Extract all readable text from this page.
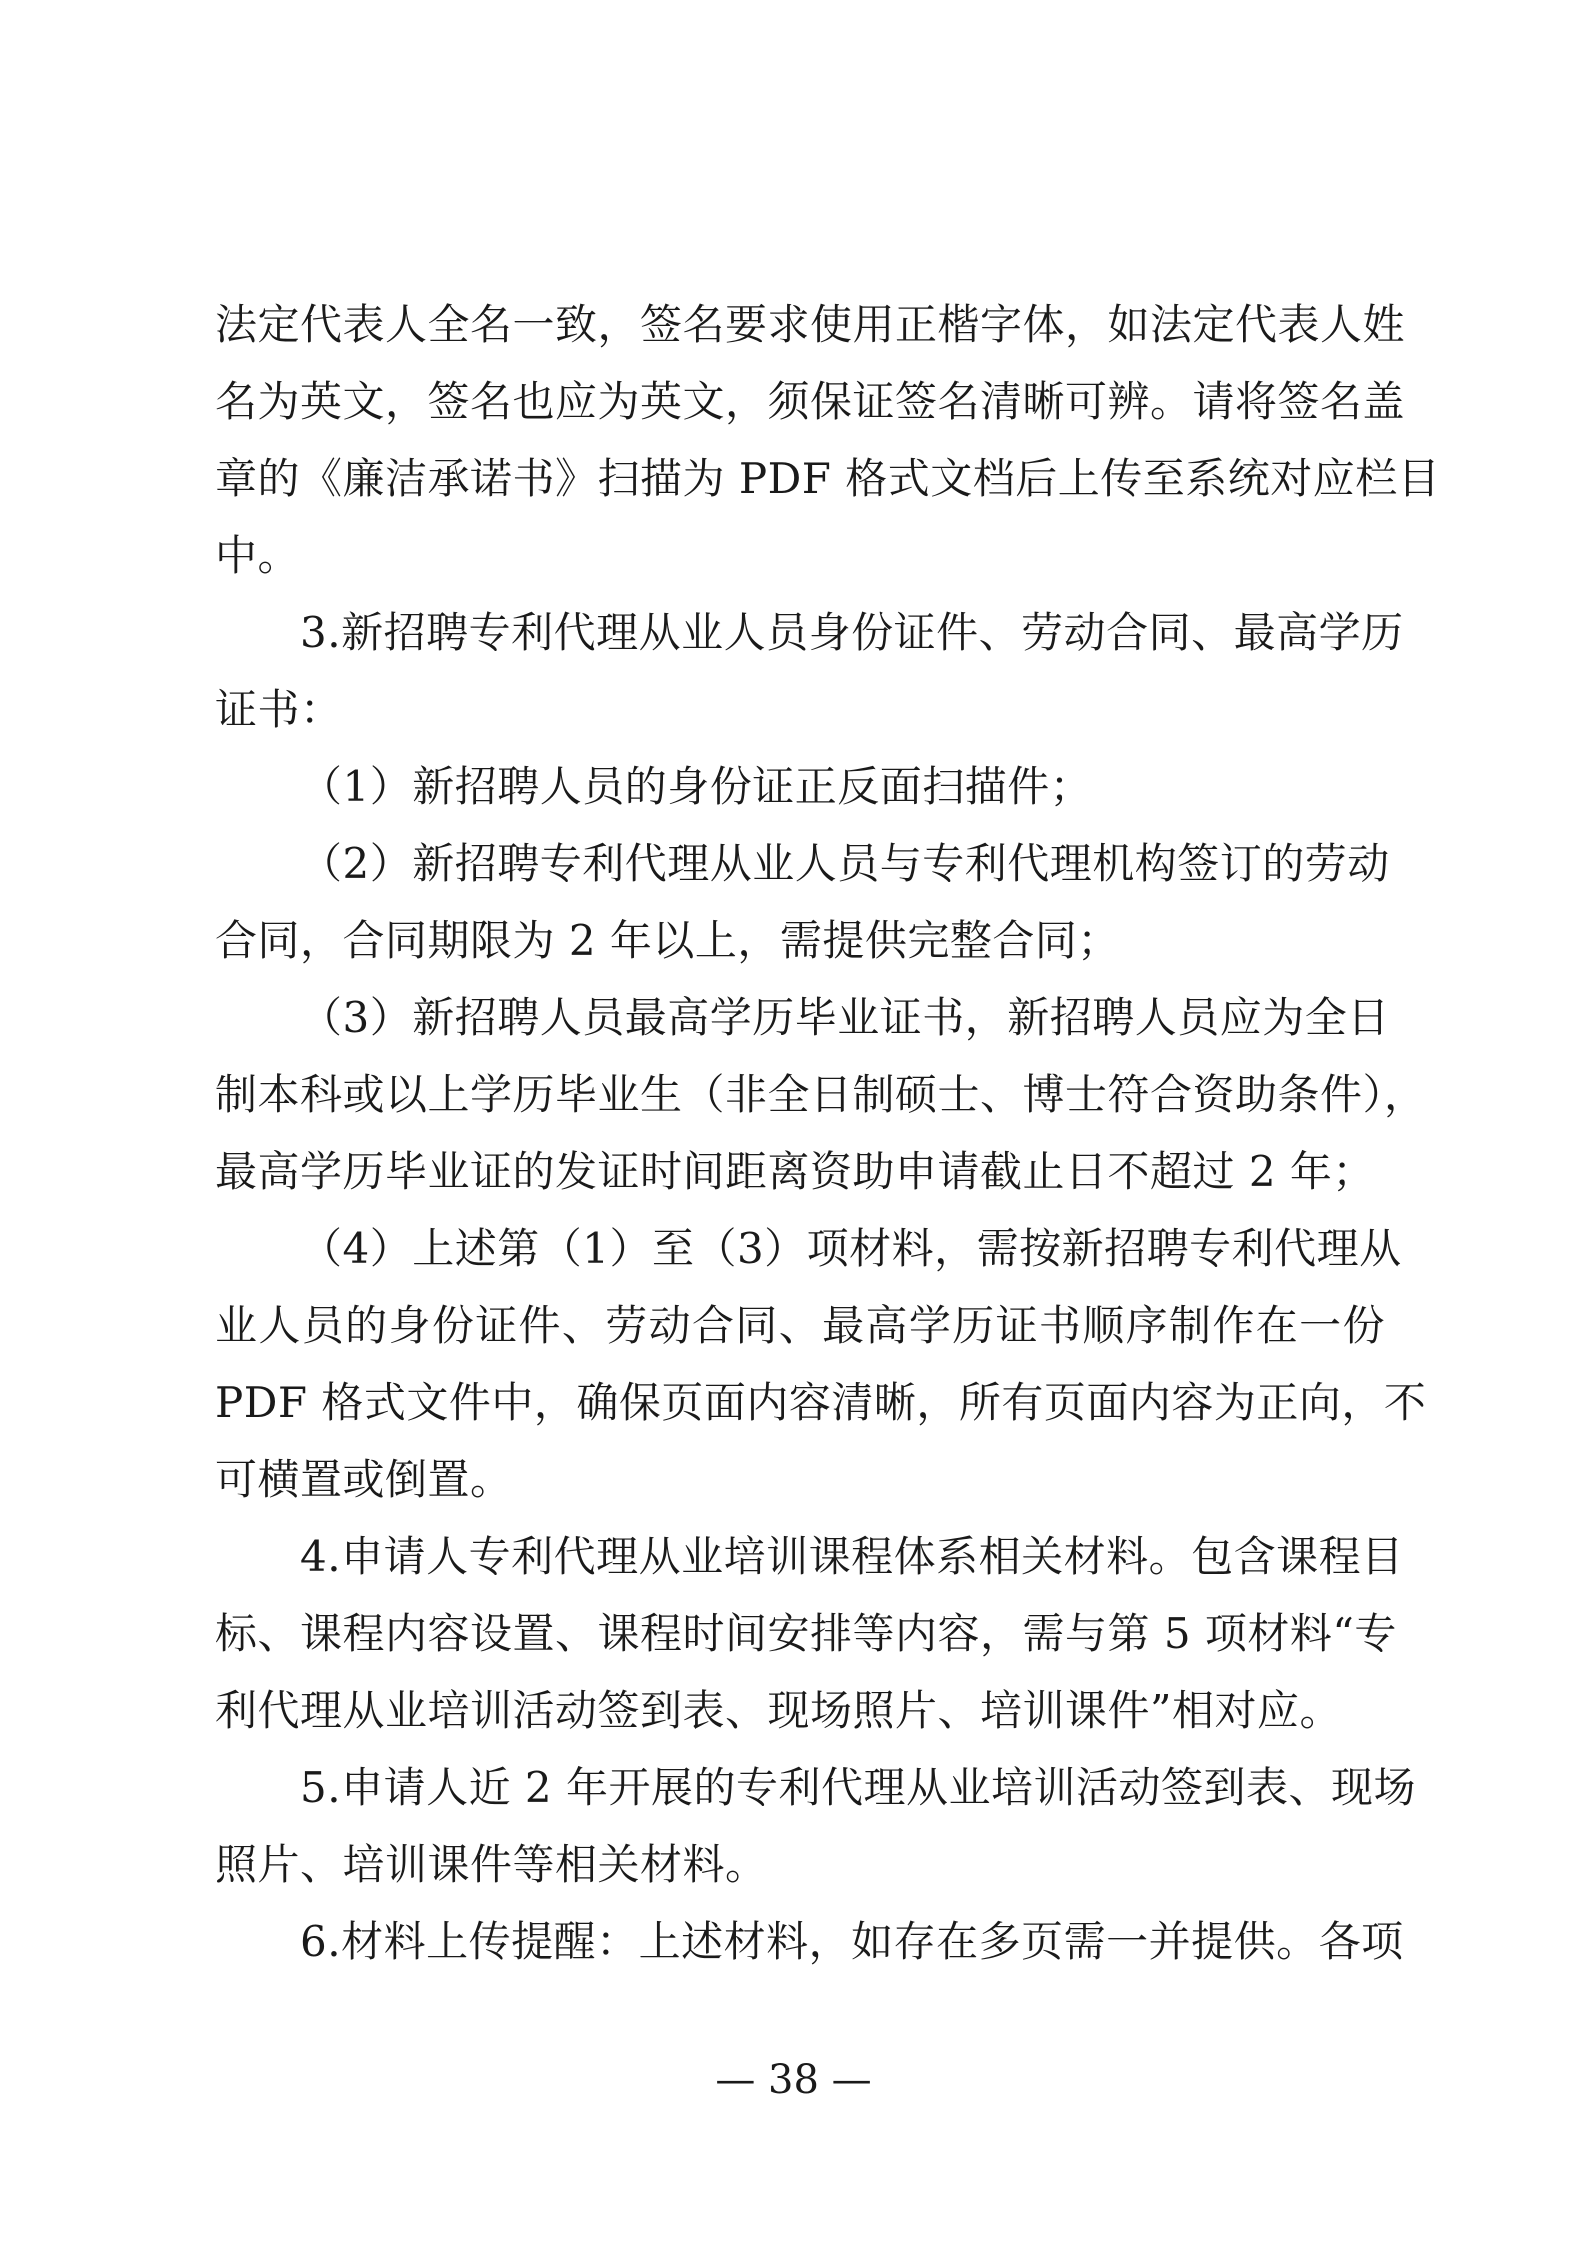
法定代表人全名一致，签名要求使用正楷字体，如法定代表人姓
名为英文，签名也应为英文，须保证签名清晰可辨。请将签名盖
章的《廉洁承诺书》扫描为 PDF 格式文档后上传至系统对应栏目
中。
3.新招聘专利代理从业人员身份证件、劳动合同、最高学历
证书：
（1）新招聘人员的身份证正反面扫描件；
（2）新招聘专利代理从业人员与专利代理机构签订的劳动
合同，合同期限为 2 年以上，需提供完整合同；
（3）新招聘人员最高学历毕业证书，新招聘人员应为全日
制本科或以上学历毕业生（非全日制硕士、博士符合资助条件），
最高学历毕业证的发证时间距离资助申请截止日不超过 2 年；
（4）上述第（1）至（3）项材料，需按新招聘专利代理从
业人员的身份证件、劳动合同、最高学历证书顺序制作在一份
PDF 格式文件中，确保页面内容清晰，所有页面内容为正向，不
可横置或倒置。
4.申请人专利代理从业培训课程体系相关材料。包含课程目
标、课程内容设置、课程时间安排等内容，需与第 5 项材料“专
利代理从业培训活动签到表、现场照片、培训课件”相对应。
5.申请人近 2 年开展的专利代理从业培训活动签到表、现场
照片、培训课件等相关材料。
6.材料上传提醒：上述材料，如存在多页需一并提供。各项
— 38 —
